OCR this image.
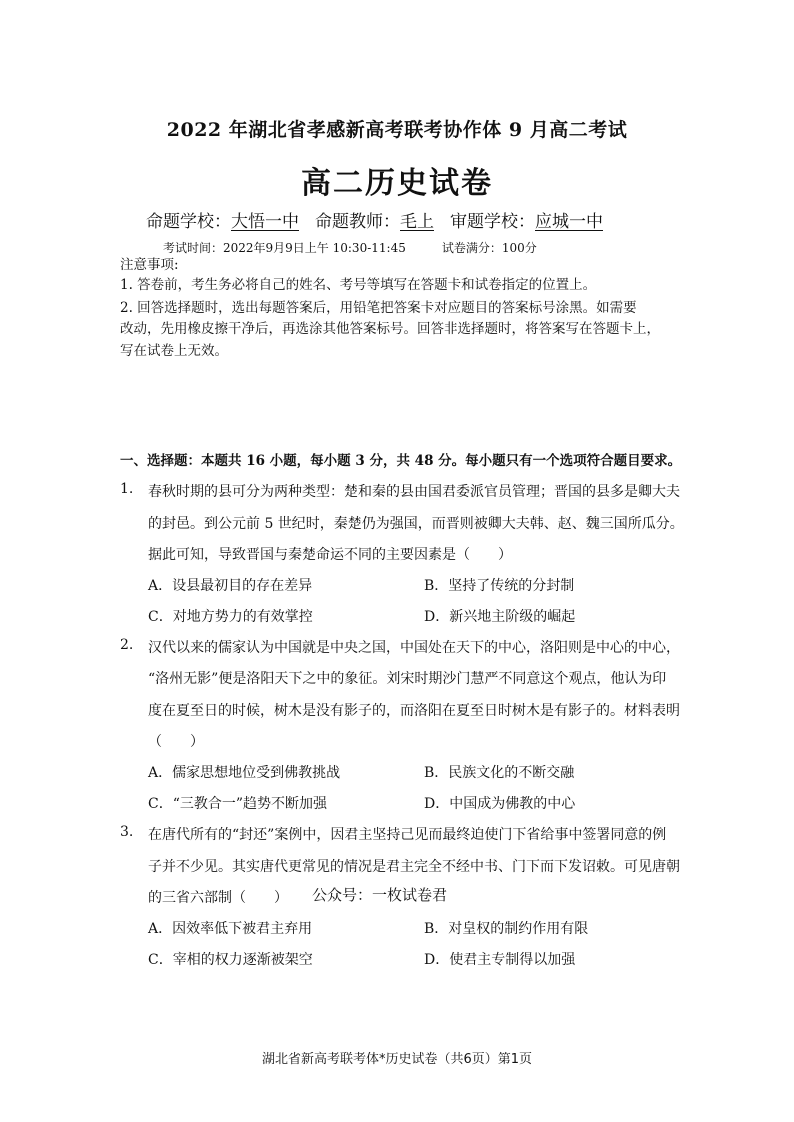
2022 年湖北省孝感新高考联考协作体 9 月高二考试
高二历史试卷
命题学校：大悟一中 命题教师：毛上 审题学校：应城一中
考试时间：2022年9月9日上午 10:30-11:45	试卷满分：100分
注意事项:
1. 答卷前，考生务必将自己的姓名、考号等填写在答题卡和试卷指定的位置上。
2. 回答选择题时，选出每题答案后，用铅笔把答案卡对应题目的答案标号涂黑。如需要
改动，先用橡皮擦干净后，再选涂其他答案标号。回答非选择题时，将答案写在答题卡上，
写在试卷上无效。
一、选择题：本题共 16 小题，每小题 3 分，共 48 分。每小题只有一个选项符合题目要求。
1. 春秋时期的县可分为两种类型：楚和秦的县由国君委派官员管理；晋国的县多是卿大夫
的封邑。到公元前 5 世纪时，秦楚仍为强国，而晋则被卿大夫韩、赵、魏三国所瓜分。
据此可知，导致晋国与秦楚命运不同的主要因素是（　　）
A．设县最初目的存在差异	B．坚持了传统的分封制
C．对地方势力的有效掌控	D．新兴地主阶级的崛起
2. 汉代以来的儒家认为中国就是中央之国，中国处在天下的中心，洛阳则是中心的中心，
“洛州无影”便是洛阳天下之中的象征。刘宋时期沙门慧严不同意这个观点，他认为印
度在夏至日的时候，树木是没有影子的，而洛阳在夏至日时树木是有影子的。材料表明
（　　）
A．儒家思想地位受到佛教挑战	B．民族文化的不断交融
C．“三教合一”趋势不断加强	D．中国成为佛教的中心
3. 在唐代所有的“封还”案例中，因君主坚持己见而最终迫使门下省给事中签署同意的例
子并不少见。其实唐代更常见的情况是君主完全不经中书、门下而下发诏敕。可见唐朝
的三省六部制（　　） 公众号：一枚试卷君
A．因效率低下被君主弃用	B．对皇权的制约作用有限
C．宰相的权力逐渐被架空	D．使君主专制得以加强
湖北省新高考联考体*历史试卷（共6页）第1页
